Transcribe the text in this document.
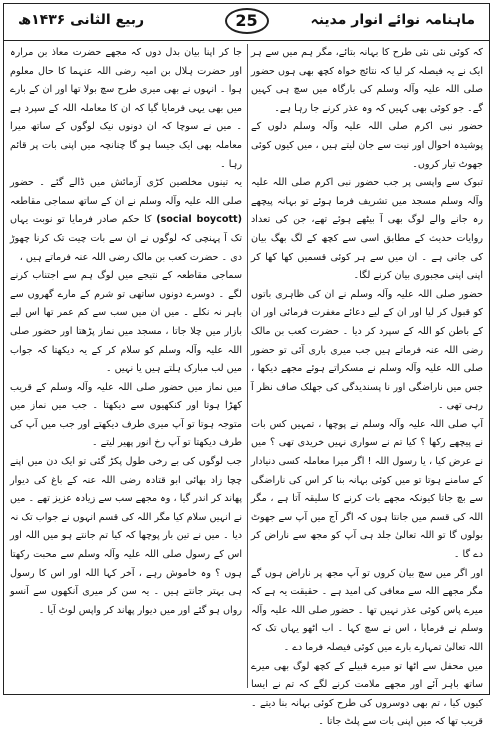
ماہنامہ نوائے انوار مدینہ
25
ربیع الثانی ۱۴۳۶ھ

کہ کوئی نئی نئی طرح کا بہانہ بتائے، مگر ہم میں سے ہر ایک نے یہ فیصلہ کر لیا کہ نتائج خواہ کچھ بھی ہوں حضور صلی اللہ علیہ وآلہ وسلم کی بارگاہ میں سچ ہی کہیں گے۔ جو کوئی بھی کہیں کہ وہ عذر کرنے جا رہا ہے۔

حضور نبی اکرم صلی اللہ علیہ وآلہ وسلم دلوں کے پوشیدہ احوال اور نیت سے جان لیتے ہیں ، میں کیوں کوئی جھوٹ تیار کروں۔

تبوک سے واپسی پر جب حضور نبی اکرم صلی اللہ علیہ وآلہ وسلم مسجد میں تشریف فرما ہوئے تو بہانہ پیچھے رہ جانے والے لوگ بھی آ بیٹھے ہوئے تھے، جن کی تعداد روایات حدیث کے مطابق اسی سے کچھ کے لگ بھگ بیان کی جاتی ہے ۔ ان میں سے ہر کوئی قسمیں کھا کھا کر اپنی اپنی مجبوری بیان کرنے لگا۔

حضور صلی اللہ علیہ وآلہ وسلم نے ان کی ظاہری باتوں کو قبول کر لیا اور ان کے لیے دعائے مغفرت فرمائی اور ان کے باطن کو اللہ کے سپرد کر دیا ۔ حضرت کعب بن مالک رضی اللہ عنہ فرماتے ہیں جب میری باری آئی تو حضور صلی اللہ علیہ وآلہ وسلم نے مسکراتے ہوئے مجھے دیکھا ، جس میں ناراضگی اور نا پسندیدگی کی جھلک صاف نظر آ رہی تھی ۔

آپ صلی اللہ علیہ وآلہ وسلم نے پوچھا ، تمہیں کس بات نے پیچھے رکھا ؟ کیا تم نے سواری نہیں خریدی تھی ؟ میں نے عرض کیا ، یا رسول اللہ ! اگر میرا معاملہ کسی دنیادار کے سامنے ہوتا تو میں کوئی بہانہ بنا کر اس کی ناراضگی سے بچ جاتا کیونکہ مجھے بات کرنے کا سلیقہ آتا ہے ، مگر اللہ کی قسم میں جانتا ہوں کہ اگر آج میں آپ سے جھوٹ بولوں گا تو اللہ تعالیٰ جلد ہی آپ کو مجھ سے ناراض کر دے گا ۔

اور اگر میں سچ بیان کروں تو آپ مجھ پر ناراض ہوں گے مگر مجھے اللہ سے معافی کی امید ہے ۔ حقیقت یہ ہے کہ میرے پاس کوئی عذر نہیں تھا ۔ حضور صلی اللہ علیہ وآلہ وسلم نے فرمایا ، اس نے سچ کہا ۔ اب اٹھو یہاں تک کہ اللہ تعالیٰ تمہارے بارے میں کوئی فیصلہ فرما دے ۔

میں محفل سے اٹھا تو میرے قبیلے کے کچھ لوگ بھی میرے ساتھ باہر آئے اور مجھے ملامت کرنے لگے کہ تم نے ایسا کیوں کیا ، تم بھی دوسروں کی طرح کوئی بہانہ بنا دیتے ۔ قریب تھا کہ میں اپنی بات سے پلٹ جاتا ۔

جا کر اپنا بیان بدل دوں کہ مجھے حضرت معاذ بن مرارہ اور حضرت ہلال بن امیہ رضی اللہ عنہما کا حال معلوم ہوا ۔ انہوں نے بھی میری طرح سچ بولا تھا اور ان کے بارے میں بھی یہی فرمایا گیا کہ ان کا معاملہ اللہ کے سپرد ہے ۔ میں نے سوچا کہ ان دونوں نیک لوگوں کے ساتھ میرا معاملہ بھی ایک جیسا ہو گا چنانچہ میں اپنی بات پر قائم رہا ۔

یہ تینوں مخلصین کڑی آزمائش میں ڈالے گئے ۔ حضور صلی اللہ علیہ وآلہ وسلم نے ان کے ساتھ سماجی مقاطعہ (social boycott) کا حکم صادر فرمایا تو نوبت یہاں تک آ پہنچی کہ لوگوں نے ان سے بات چیت تک کرنا چھوڑ دی ۔ حضرت کعب بن مالک رضی اللہ عنہ فرماتے ہیں ،

سماجی مقاطعہ کے نتیجے میں لوگ ہم سے اجتناب کرنے لگے ۔ دوسرے دونوں ساتھی تو شرم کے مارے گھروں سے باہر نہ نکلے ۔ میں ان میں سب سے کم عمر تھا اس لیے بازار میں چلا جاتا ، مسجد میں نماز پڑھتا اور حضور صلی اللہ علیہ وآلہ وسلم کو سلام کر کے یہ دیکھتا کہ جواب میں لب مبارک ہلتے ہیں یا نہیں ۔

میں نماز میں حضور صلی اللہ علیہ وآلہ وسلم کے قریب کھڑا ہوتا اور کنکھیوں سے دیکھتا ۔ جب میں نماز میں متوجہ ہوتا تو آپ میری طرف دیکھتے اور جب میں آپ کی طرف دیکھتا تو آپ رخ انور پھیر لیتے ۔

جب لوگوں کی بے رخی طول پکڑ گئی تو ایک دن میں اپنے چچا زاد بھائی ابو قتادہ رضی اللہ عنہ کے باغ کی دیوار پھاند کر اندر گیا ، وہ مجھے سب سے زیادہ عزیز تھے ۔ میں نے انہیں سلام کیا مگر اللہ کی قسم انہوں نے جواب تک نہ دیا ۔ میں نے تین بار پوچھا کہ کیا تم جانتے ہو میں اللہ اور اس کے رسول صلی اللہ علیہ وآلہ وسلم سے محبت رکھتا ہوں ؟ وہ خاموش رہے ، آخر کہا اللہ اور اس کا رسول ہی بہتر جانتے ہیں ۔ یہ سن کر میری آنکھوں سے آنسو رواں ہو گئے اور میں دیوار پھاند کر واپس لوٹ آیا ۔
